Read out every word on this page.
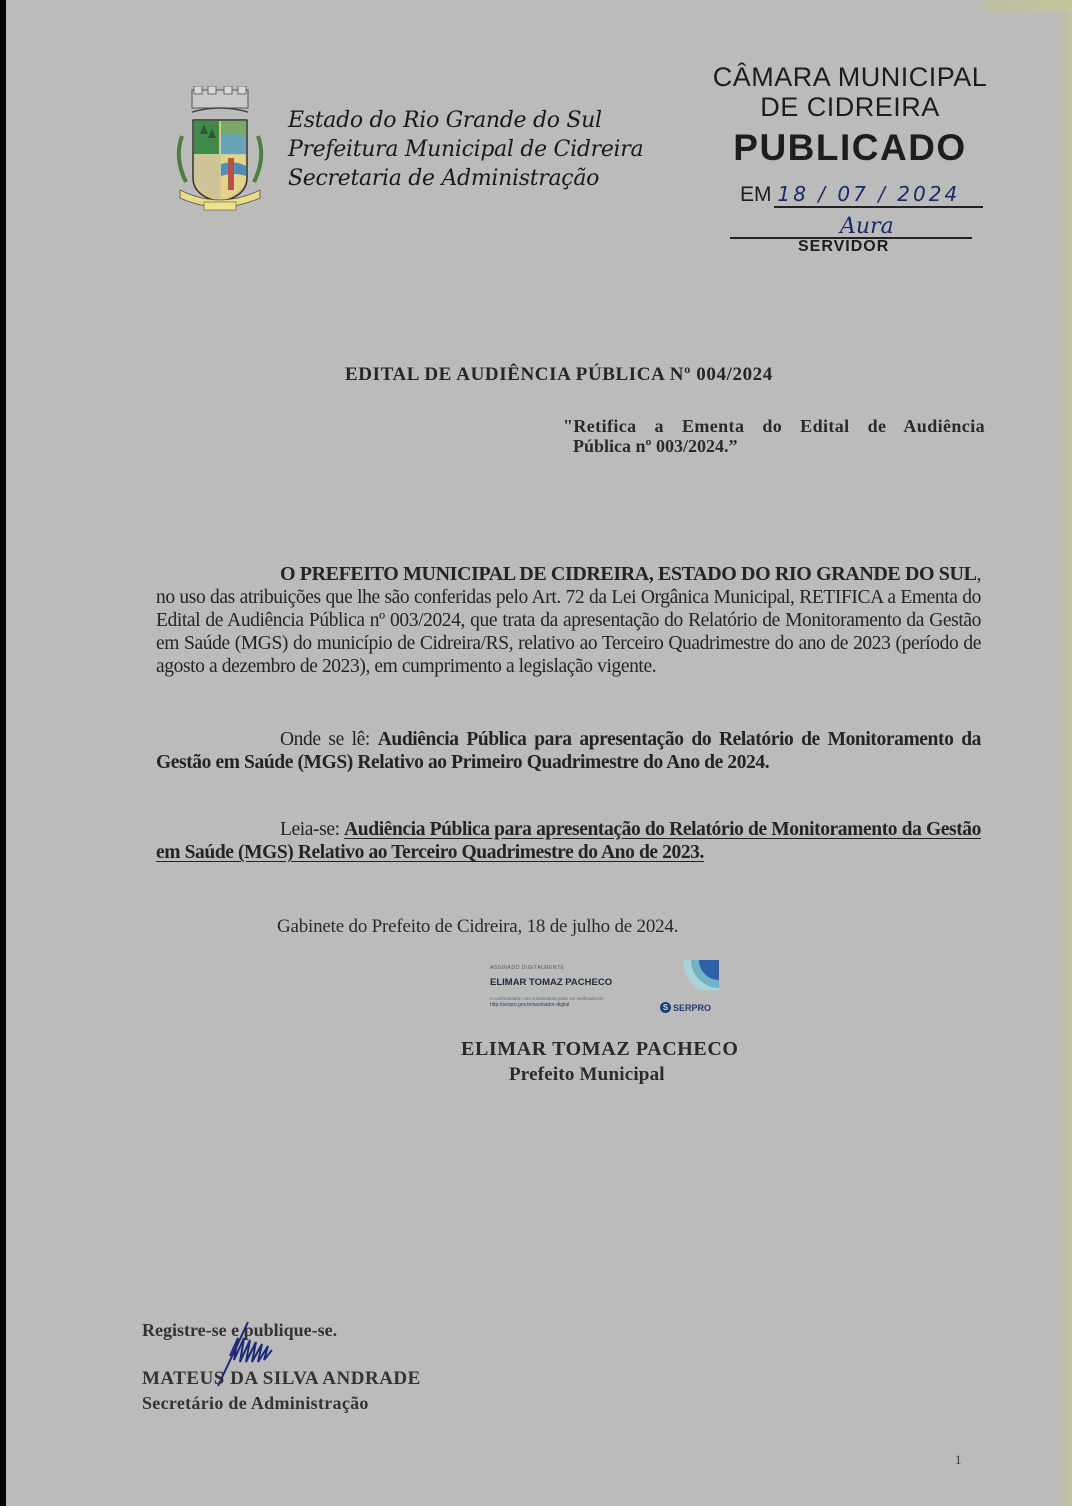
Estado do Rio Grande do Sul
Prefeitura Municipal de Cidreira
Secretaria de Administração
CÂMARA MUNICIPAL
DE CIDREIRA
PUBLICADO
EM 18 / 07 / 2024
Aura
SERVIDOR
EDITAL DE AUDIÊNCIA PÚBLICA Nº 004/2024
"Retifica a Ementa do Edital de Audiência
Pública nº 003/2024.”
O PREFEITO MUNICIPAL DE CIDREIRA, ESTADO DO RIO GRANDE DO SUL, no uso das atribuições que lhe são conferidas pelo Art. 72 da Lei Orgânica Municipal, RETIFICA a Ementa do Edital de Audiência Pública nº 003/2024, que trata da apresentação do Relatório de Monitoramento da Gestão em Saúde (MGS) do município de Cidreira/RS, relativo ao Terceiro Quadrimestre do ano de 2023 (período de agosto a dezembro de 2023), em cumprimento a legislação vigente.
Onde se lê: Audiência Pública para apresentação do Relatório de Monitoramento da Gestão em Saúde (MGS) Relativo ao Primeiro Quadrimestre do Ano de 2024.
Leia-se: Audiência Pública para apresentação do Relatório de Monitoramento da Gestão em Saúde (MGS) Relativo ao Terceiro Quadrimestre do Ano de 2023.
Gabinete do Prefeito de Cidreira, 18 de julho de 2024.
ASSINADO DIGITALMENTE
ELIMAR TOMAZ PACHECO
A conformidade com a assinatura pode ser verificada em
http://serpro.gov.br/assinador-digital	S SERPRO
ELIMAR TOMAZ PACHECO
Prefeito Municipal
Registre-se e publique-se.
MATEUS DA SILVA ANDRADE
Secretário de Administração
1
